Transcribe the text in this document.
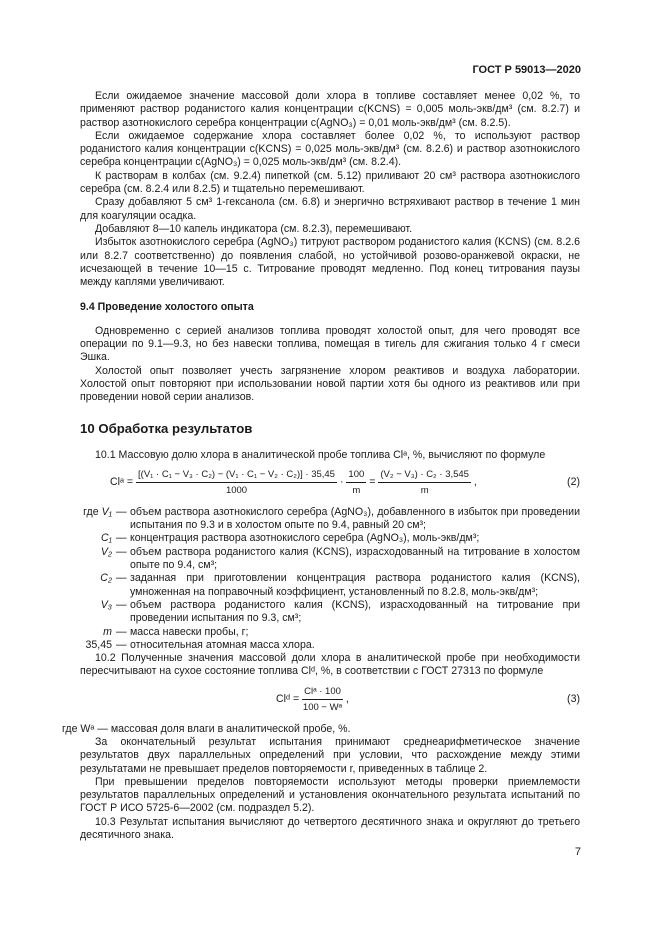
ГОСТ Р 59013—2020

Если ожидаемое значение массовой доли хлора в топливе составляет менее 0,02 %, то применяют раствор роданистого калия концентрации c(KCNS) = 0,005 моль-экв/дм³ (см. 8.2.7) и раствор азотнокислого серебра концентрации c(AgNO₃) = 0,01 моль-экв/дм³ (см. 8.2.5).

Если ожидаемое содержание хлора составляет более 0,02 %, то используют раствор роданистого калия концентрации c(KCNS) = 0,025 моль-экв/дм³ (см. 8.2.6) и раствор азотнокислого серебра концентрации c(AgNO₃) = 0,025 моль-экв/дм³ (см. 8.2.4).

К растворам в колбах (см. 9.2.4) пипеткой (см. 5.12) приливают 20 см³ раствора азотнокислого серебра (см. 8.2.4 или 8.2.5) и тщательно перемешивают.

Сразу добавляют 5 см³ 1-гексанола (см. 6.8) и энергично встряхивают раствор в течение 1 мин для коагуляции осадка.

Добавляют 8—10 капель индикатора (см. 8.2.3), перемешивают.

Избыток азотнокислого серебра (AgNO₃) титруют раствором роданистого калия (KCNS) (см. 8.2.6 или 8.2.7 соответственно) до появления слабой, но устойчивой розово-оранжевой окраски, не исчезающей в течение 10—15 с. Титрование проводят медленно. Под конец титрования паузы между каплями увеличивают.

9.4 Проведение холостого опыта

Одновременно с серией анализов топлива проводят холостой опыт, для чего проводят все операции по 9.1—9.3, но без навески топлива, помещая в тигель для сжигания только 4 г смеси Эшка.

Холостой опыт позволяет учесть загрязнение хлором реактивов и воздуха лаборатории. Холостой опыт повторяют при использовании новой партии хотя бы одного из реактивов или при проведении новой серии анализов.

10 Обработка результатов

10.1 Массовую долю хлора в аналитической пробе топлива Clᵃ, %, вычисляют по формуле

Clᵃ = $\frac{\text{[(V₁ · C₁ − V₃ · C₂) − (V₁ · C₁ − V₂ · C₂)] · 35,45}}{1000} \cdot \frac{100}{m} = \frac{\text{(V₂ − V₃) · C₂ · 3,545}}{m}$ ,	(2)
где V₁	—	объем раствора азотнокислого серебра (AgNO₃), добавленного в избыток при проведении испытания по 9.3 и в холостом опыте по 9.4, равный 20 см³;
C₁	—	концентрация раствора азотнокислого серебра (AgNO₃), моль-экв/дм³;
V₂	—	объем раствора роданистого калия (KCNS), израсходованный на титрование в холостом опыте по 9.4, см³;
C₂	—	заданная при приготовлении концентрация раствора роданистого калия (KCNS), умноженная на поправочный коэффициент, установленный по 8.2.8, моль-экв/дм³;
V₃	—	объем раствора роданистого калия (KCNS), израсходованный на титрование при проведении испытания по 9.3, см³;
m	—	масса навески пробы, г;
35,45	—	относительная атомная масса хлора.

10.2 Полученные значения массовой доли хлора в аналитической пробе при необходимости пересчитывают на сухое состояние топлива Clᵈ, %, в соответствии с ГОСТ 27313 по формуле

Clᵈ = $\frac{\text{Clᵃ · 100}}{\text{100 − Wᵃ}}$ ,	(3)

где Wᵃ — массовая доля влаги в аналитической пробе, %.

За окончательный результат испытания принимают среднеарифметическое значение результатов двух параллельных определений при условии, что расхождение между этими результатами не превышает пределов повторяемости r, приведенных в таблице 2.

При превышении пределов повторяемости используют методы проверки приемлемости результатов параллельных определений и установления окончательного результата испытаний по ГОСТ Р ИСО 5725-6—2002 (см. подраздел 5.2).

10.3 Результат испытания вычисляют до четвертого десятичного знака и округляют до третьего десятичного знака.

7
